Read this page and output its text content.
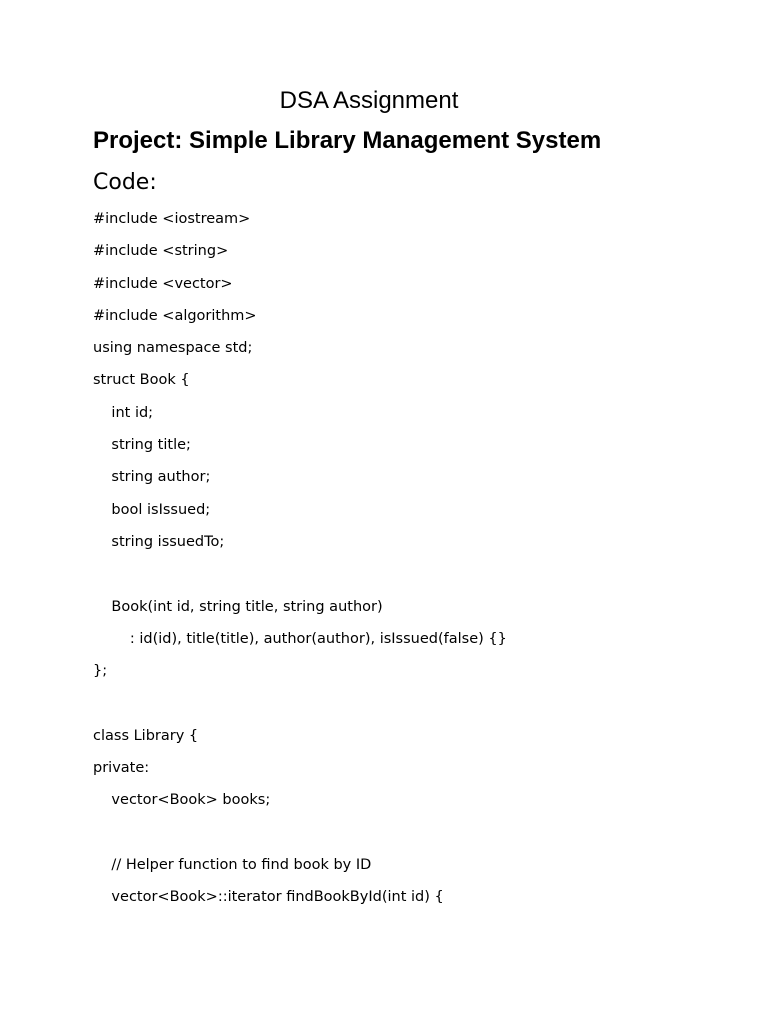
DSA Assignment
Project: Simple Library Management System
Code:
#include <iostream>
#include <string>
#include <vector>
#include <algorithm>
using namespace std;
struct Book {
int id;
string title;
string author;
bool isIssued;
string issuedTo;
Book(int id, string title, string author)
: id(id), title(title), author(author), isIssued(false) {}
};
class Library {
private:
vector<Book> books;
// Helper function to find book by ID
vector<Book>::iterator findBookById(int id) {
